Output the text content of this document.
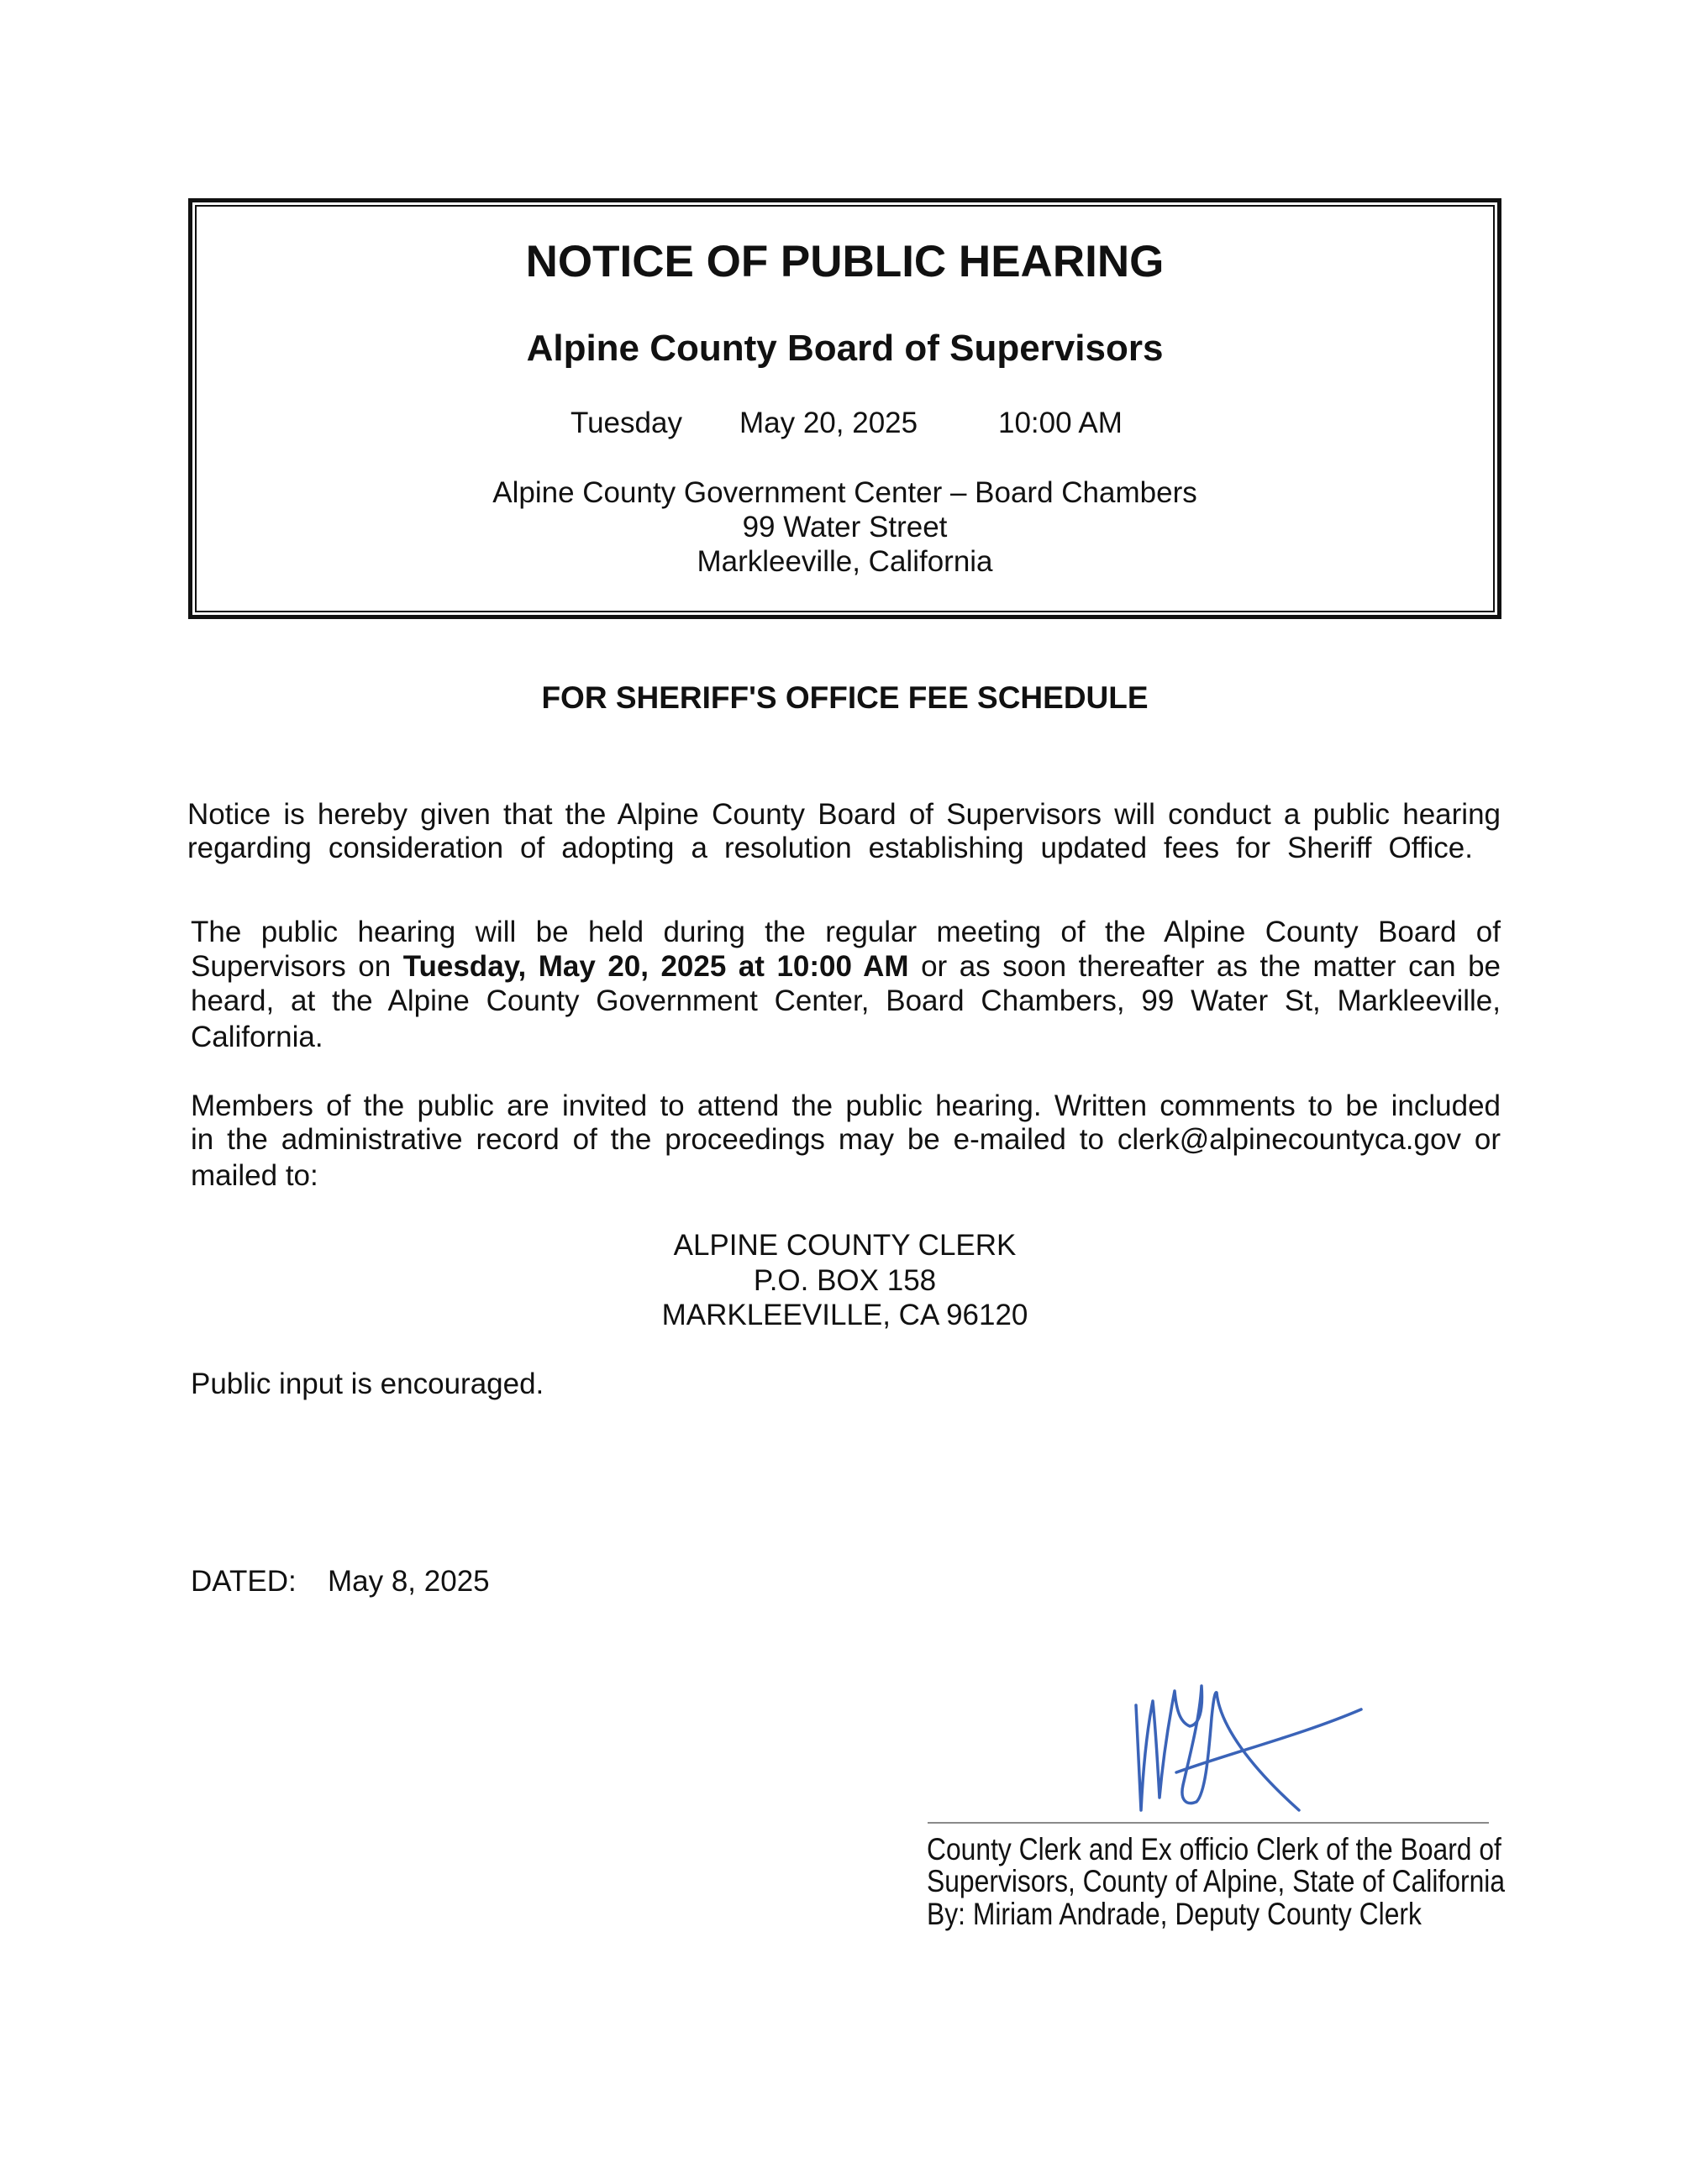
NOTICE OF PUBLIC HEARING
Alpine County Board of Supervisors
Tuesday May 20, 2025	10:00 AM
Alpine County Government Center – Board Chambers
99 Water Street
Markleeville, California
FOR SHERIFF'S OFFICE FEE SCHEDULE
Notice is hereby given that the Alpine County Board of Supervisors will conduct a public hearing
regarding consideration of adopting a resolution establishing updated fees for Sheriff Office.
The public hearing will be held during the regular meeting of the Alpine County Board of
Supervisors on Tuesday, May 20, 2025 at 10:00 AM or as soon thereafter as the matter can be
heard, at the Alpine County Government Center, Board Chambers, 99 Water St, Markleeville,
California.
Members of the public are invited to attend the public hearing. Written comments to be included
in the administrative record of the proceedings may be e-mailed to clerk@alpinecountyca.gov or
mailed to:
ALPINE COUNTY CLERK
P.O. BOX 158
MARKLEEVILLE, CA 96120
Public input is encouraged.
DATED: May 8, 2025
County Clerk and Ex officio Clerk of the Board of
Supervisors, County of Alpine, State of California
By: Miriam Andrade, Deputy County Clerk
